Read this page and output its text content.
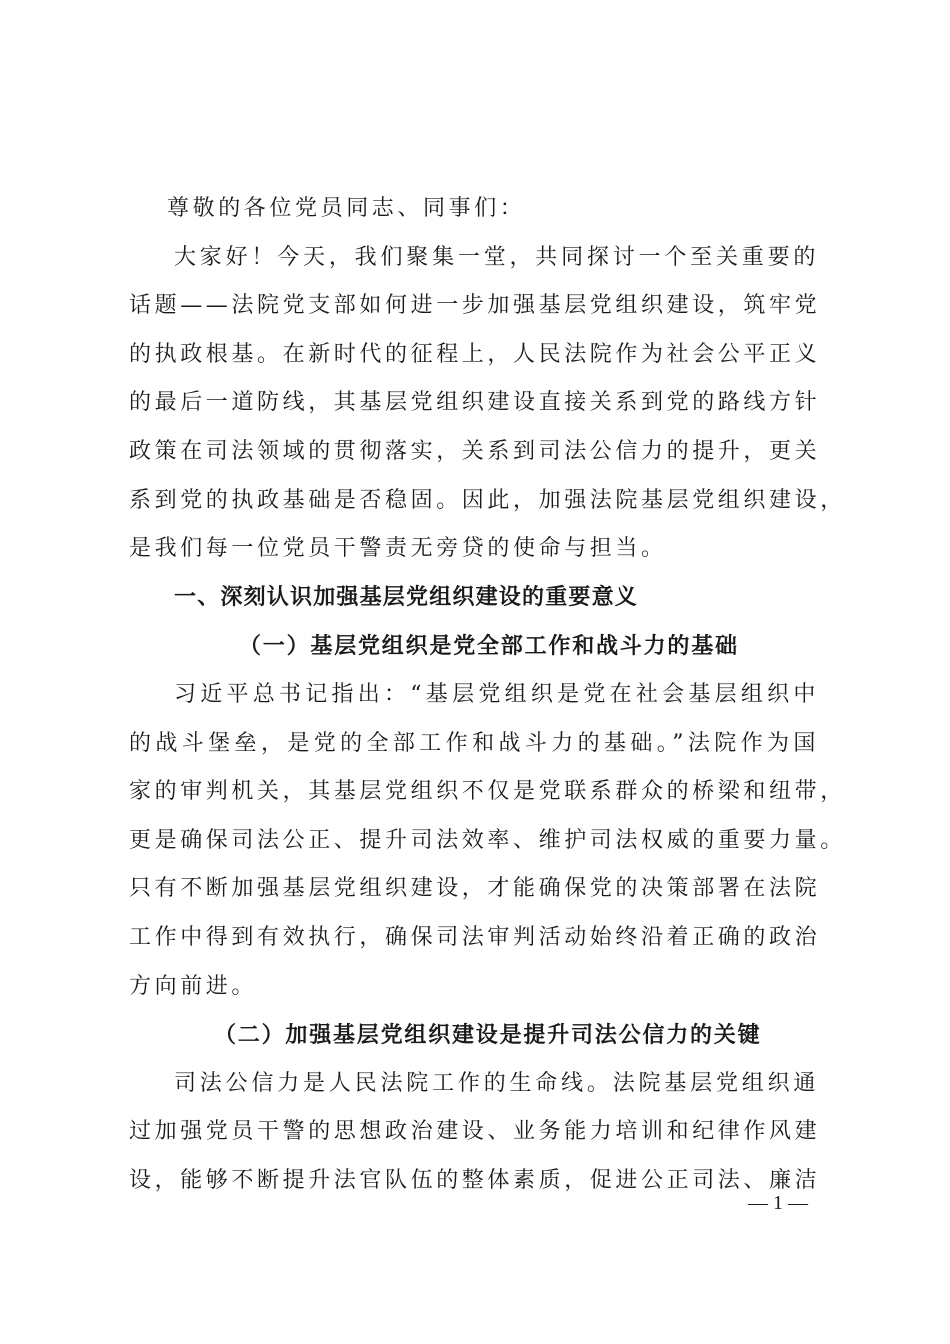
尊敬的各位党员同志、同事们：
大家好！今天，我们聚集一堂，共同探讨一个至关重要的
话题——法院党支部如何进一步加强基层党组织建设，筑牢党
的执政根基。在新时代的征程上，人民法院作为社会公平正义
的最后一道防线，其基层党组织建设直接关系到党的路线方针
政策在司法领域的贯彻落实，关系到司法公信力的提升，更关
系到党的执政基础是否稳固。因此，加强法院基层党组织建设，
是我们每一位党员干警责无旁贷的使命与担当。
一、深刻认识加强基层党组织建设的重要意义
（一）基层党组织是党全部工作和战斗力的基础
习近平总书记指出：“基层党组织是党在社会基层组织中
的战斗堡垒，是党的全部工作和战斗力的基础。”法院作为国
家的审判机关，其基层党组织不仅是党联系群众的桥梁和纽带，
更是确保司法公正、提升司法效率、维护司法权威的重要力量。
只有不断加强基层党组织建设，才能确保党的决策部署在法院
工作中得到有效执行，确保司法审判活动始终沿着正确的政治
方向前进。
（二）加强基层党组织建设是提升司法公信力的关键
司法公信力是人民法院工作的生命线。法院基层党组织通
过加强党员干警的思想政治建设、业务能力培训和纪律作风建
设，能够不断提升法官队伍的整体素质，促进公正司法、廉洁
— 1 —
